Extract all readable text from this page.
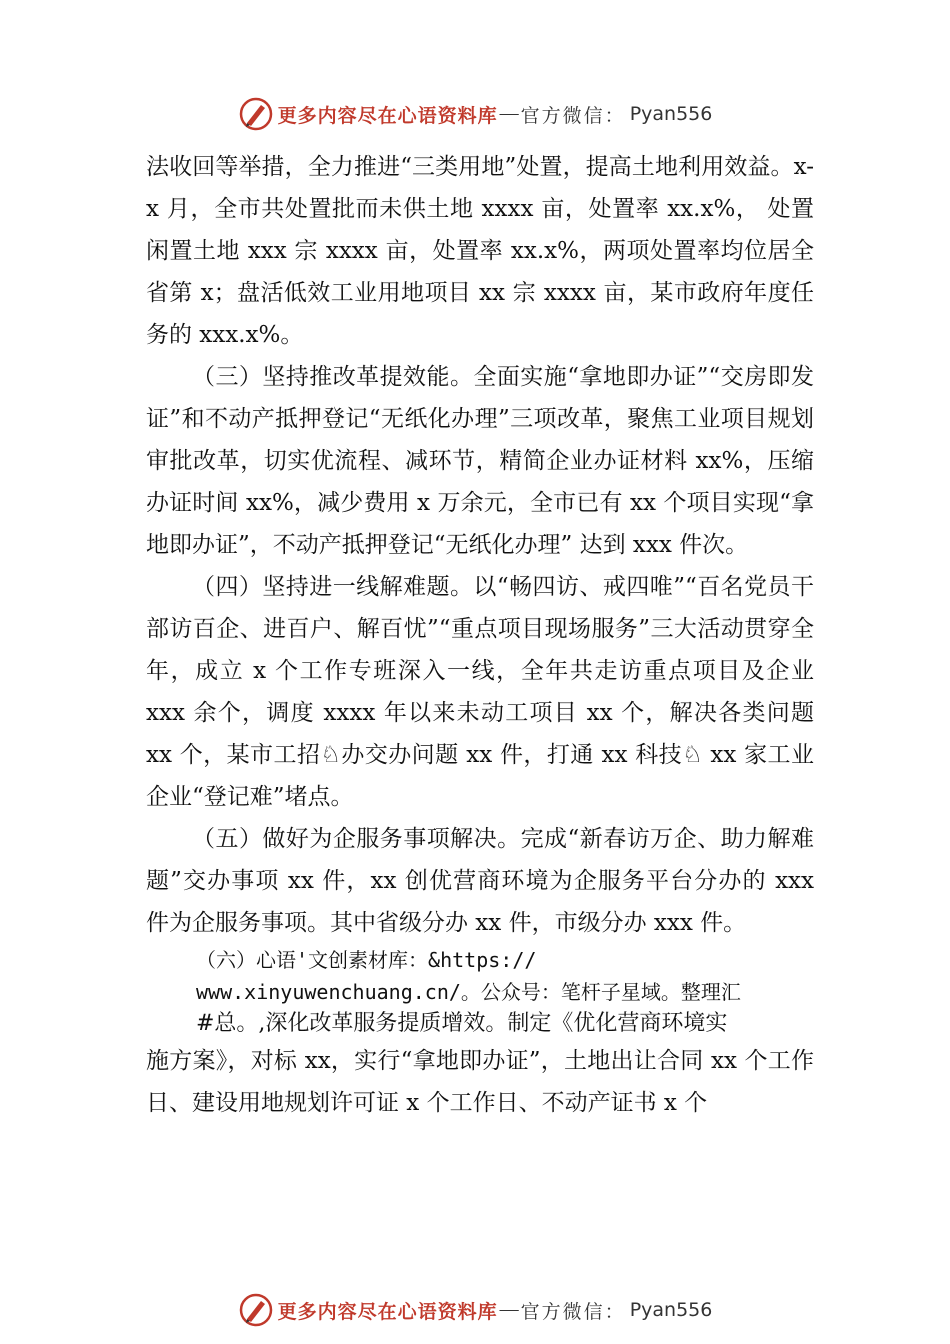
更多内容尽在心语资料库 — 官方微信： Pyan556

法收回等举措，全力推进“三类用地”处置，提高土地利用效益。x-x 月，全市共处置批而未供土地 xxxx 亩，处置率 xx.x%， 处置闲置土地 xxx 宗 xxxx 亩，处置率 xx.x%，两项处置率均位居全省第 x；盘活低效工业用地项目 xx 宗 xxxx 亩，某市政府年度任务的 xxx.x%。

（三）坚持推改革提效能。全面实施“拿地即办证”“交房即发证”和不动产抵押登记“无纸化办理”三项改革，聚焦工业项目规划审批改革，切实优流程、减环节，精简企业办证材料 xx%，压缩办证时间 xx%，减少费用 x 万余元，全市已有 xx 个项目实现“拿地即办证”，不动产抵押登记“无纸化办理” 达到 xxx 件次。

（四）坚持进一线解难题。以“畅四访、戒四唯”“百名党员干部访百企、进百户、解百忧”“重点项目现场服务”三大活动贯穿全年，成立 x 个工作专班深入一线，全年共走访重点项目及企业 xxx 余个，调度 xxxx 年以来未动工项目 xx 个，解决各类问题 xx 个，某市工招♘办交办问题 xx 件，打通 xx 科技♘ xx 家工业企业“登记难”堵点。

（五）做好为企服务事项解决。完成“新春访万企、助力解难题”交办事项 xx 件，xx 创优营商环境为企服务平台分办的 xxx 件为企服务事项。其中省级分办 xx 件，市级分办 xxx 件。

（六）心语'文创素材库：&https://
www.xinyuwenchuang.cn/。公众号：笔杆子星域。整理汇
#总。,深化改革服务提质增效。制定《优化营商环境实

施方案》，对标 xx，实行“拿地即办证”，土地出让合同 xx 个工作日、建设用地规划许可证 x 个工作日、不动产证书 x 个

更多内容尽在心语资料库 — 官方微信： Pyan556
